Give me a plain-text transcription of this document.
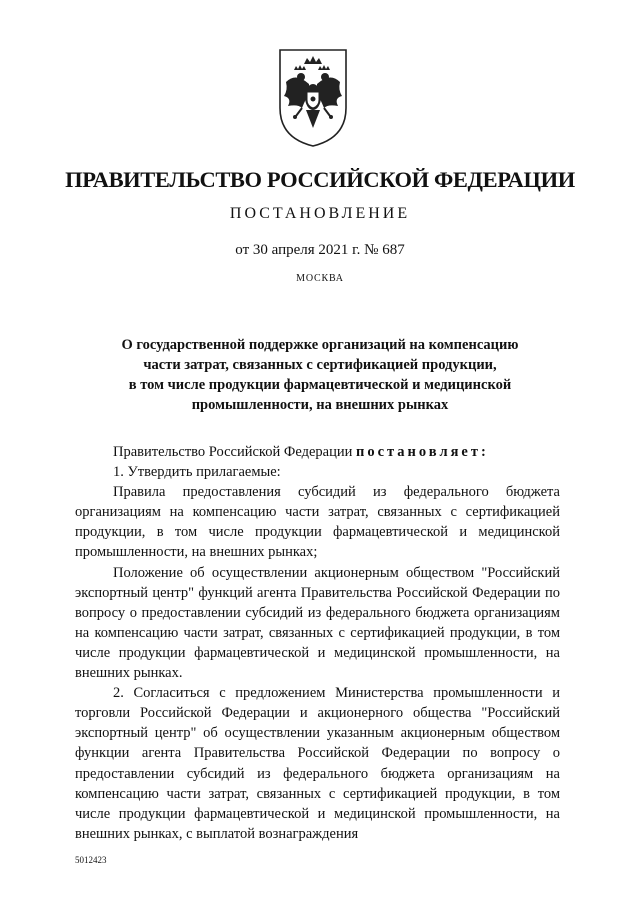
ПРАВИТЕЛЬСТВО РОССИЙСКОЙ ФЕДЕРАЦИИ
ПОСТАНОВЛЕНИЕ
от 30 апреля 2021 г. № 687
МОСКВА
О государственной поддержке организаций на компенсацию
части затрат, связанных с сертификацией продукции,
в том числе продукции фармацевтической и медицинской
промышленности, на внешних рынках

Правительство Российской Федерации постановляет:

1. Утвердить прилагаемые:

Правила предоставления субсидий из федерального бюджета организациям на компенсацию части затрат, связанных с сертификацией продукции, в том числе продукции фармацевтической и медицинской промышленности, на внешних рынках;

Положение об осуществлении акционерным обществом "Российский экспортный центр" функций агента Правительства Российской Федерации по вопросу о предоставлении субсидий из федерального бюджета организациям на компенсацию части затрат, связанных с сертификацией продукции, в том числе продукции фармацевтической и медицинской промышленности, на внешних рынках.

2. Согласиться с предложением Министерства промышленности и торговли Российской Федерации и акционерного общества "Российский экспортный центр" об осуществлении указанным акционерным обществом функции агента Правительства Российской Федерации по вопросу о предоставлении субсидий из федерального бюджета организациям на компенсацию части затрат, связанных с сертификацией продукции, в том числе продукции фармацевтической и медицинской промышленности, на внешних рынках, с выплатой вознаграждения

5012423
